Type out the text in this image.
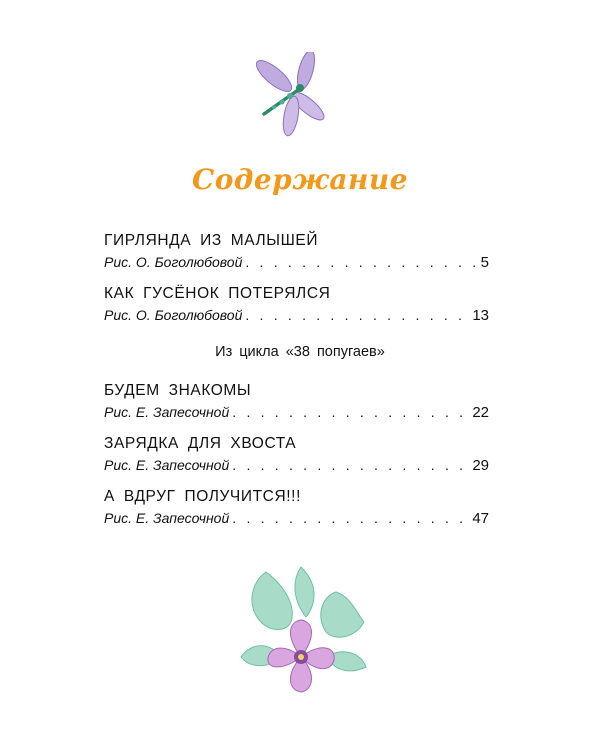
Содержание
ГИРЛЯНДА ИЗ МАЛЫШЕЙ
Рис. О. Боголюбовой . . .	5
КАК ГУСЁНОК ПОТЕРЯЛСЯ
Рис. О. Боголюбовой . . .	13
Из цикла «38 попугаев»
БУДЕМ ЗНАКОМЫ
Рис. Е. Запесочной . . .	22
ЗАРЯДКА ДЛЯ ХВОСТА
Рис. Е. Запесочной . . .	29
А ВДРУГ ПОЛУЧИТСЯ!!!
Рис. Е. Запесочной . . .	47
